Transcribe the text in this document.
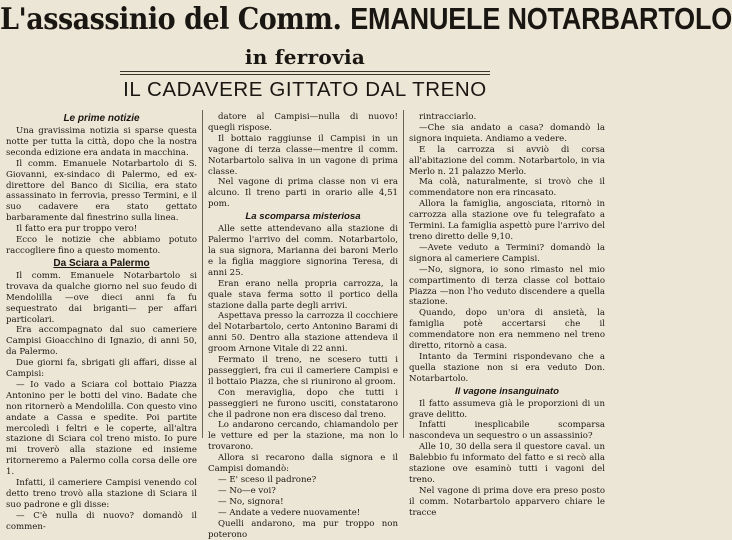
L'assassinio del Comm. EMANUELE NOTARBARTOLO
in ferrovia
IL CADAVERE GITTATO DAL TRENO

Le prime notizie

Una gravissima notizia si sparse questa notte per tutta la città, dopo che la nostra seconda edizione era andata in macchina.

Il comm. Emanuele Notarbartolo di S. Giovanni, ex-sindaco di Palermo, ed ex-direttore del Banco di Sicilia, era stato assassinato in ferrovia, presso Termini, e il suo cadavere era stato gettato barbaramente dal finestrino sulla linea.

Il fatto era pur troppo vero!

Ecco le notizie che abbiamo potuto raccogliere fino a questo momento.

Da Sciara a Palermo

Il comm. Emanuele Notarbartolo si trovava da qualche giorno nel suo feudo di Mendolilla —ove dieci anni fa fu sequestrato dai briganti— per affari particolari.

Era accompagnato dal suo cameriere Campisi Gioacchino di Ignazio, di anni 50, da Palermo.

Due giorni fa, sbrigati gli affari, disse al Campisi:

— Io vado a Sciara col bottaio Piazza Antonino per le botti del vino. Badate che non ritornerò a Mendolilla. Con questo vino andate a Cassa e spedite. Poi partite mercoledì i feltri e le coperte, all'altra stazione di Sciara col treno misto. Io pure mi troverò alla stazione ed insieme ritorneremo a Palermo colla corsa delle ore 1.

Infatti, il cameriere Campisi venendo col detto treno trovò alla stazione di Sciara il suo padrone e gli disse:

— C'è nulla di nuovo? domandò il commen-

datore al Campisi—nulla di nuovo! quegli rispose.

Il bottaio raggiunse il Campisi in un vagone di terza classe—mentre il comm. Notarbartolo saliva in un vagone di prima classe.

Nel vagone di prima classe non vi era alcuno. Il treno parti in orario alle 4,51 pom.

La scomparsa misteriosa

Alle sette attendevano alla stazione di Palermo l'arrivo del comm. Notarbartolo, la sua signora, Marianna dei baroni Merlo e la figlia maggiore signorina Teresa, di anni 25.

Eran erano nella propria carrozza, la quale stava ferma sotto il portico della stazione dalla parte degli arrivi.

Aspettava presso la carrozza il cocchiere del Notarbartolo, certo Antonino Barami di anni 50. Dentro alla stazione attendeva il groom Arnone Vitale di 22 anni.

Fermato il treno, ne scesero tutti i passeggieri, fra cui il cameriere Campisi e il bottaio Piazza, che si riunirono al groom.

Con meraviglia, dopo che tutti i passeggieri ne furono usciti, constatarono che il padrone non era disceso dal treno.

Lo andarono cercando, chiamandolo per le vetture ed per la stazione, ma non lo trovarono.

Allora si recarono dalla signora e il Campisi domandò:

— E' sceso il padrone?

— No—e voi?

— No, signora!

— Andate a vedere nuovamente!

Quelli andarono, ma pur troppo non poterono

rintracciarlo.

—Che sia andato a casa? domandò la signora inquieta. Andiamo a vedere.

E la carrozza si avviò di corsa all'abitazione del comm. Notarbartolo, in via Merlo n. 21 palazzo Merlo.

Ma colà, naturalmente, si trovò che il commendatore non era rincasato.

Allora la famiglia, angosciata, ritornò in carrozza alla stazione ove fu telegrafato a Termini. La famiglia aspettò pure l'arrivo del treno diretto delle 9,10.

—Avete veduto a Termini? domandò la signora al cameriere Campisi.

—No, signora, io sono rimasto nel mio compartimento di terza classe col bottaio Piazza —non l'ho veduto discendere a quella stazione.

Quando, dopo un'ora di ansietà, la famiglia potè accertarsi che il commendatore non era nemmeno nel treno diretto, ritornò a casa.

Intanto da Termini rispondevano che a quella stazione non si era veduto Don. Notarbartolo.

Il vagone insanguinato

Il fatto assumeva già le proporzioni di un grave delitto.

Infatti inesplicabile scomparsa nascondeva un sequestro o un assassinio?

Alle 10, 30 della sera il questore caval. un Balebbio fu informato del fatto e si recò alla stazione ove esaminò tutti i vagoni del treno.

Nel vagone di prima dove era preso posto il comm. Notarbartolo apparvero chiare le tracce
